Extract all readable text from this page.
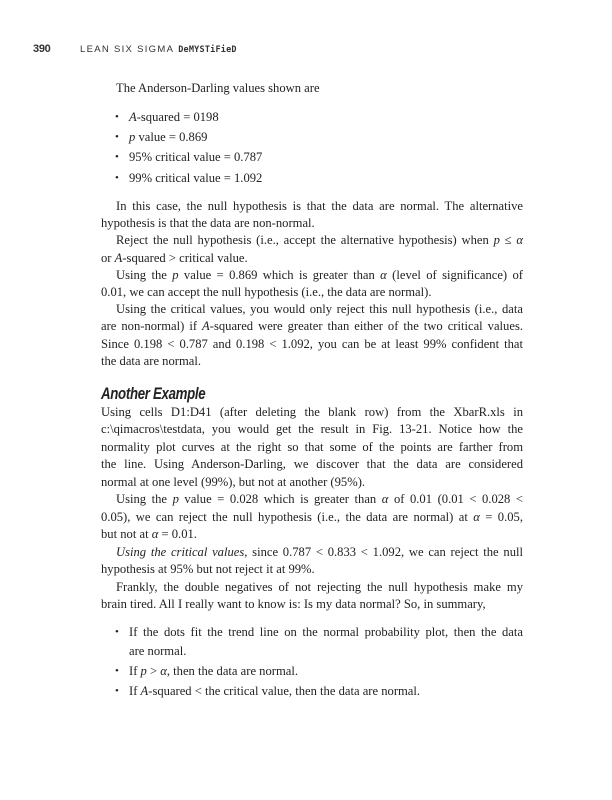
390	LEAN SIX SIGMA DeMYSTiFieD
The Anderson-Darling values shown are
• A-squared = 0198
• p value = 0.869
• 95% critical value = 0.787
• 99% critical value = 1.092
In this case, the null hypothesis is that the data are normal. The alternative
hypothesis is that the data are non-normal.
Reject the null hypothesis (i.e., accept the alternative hypothesis) when p ≤ α
or A-squared > critical value.
Using the p value = 0.869 which is greater than α (level of significance) of
0.01, we can accept the null hypothesis (i.e., the data are normal).
Using the critical values, you would only reject this null hypothesis (i.e., data
are non-normal) if A-squared were greater than either of the two critical values.
Since 0.198 < 0.787 and 0.198 < 1.092, you can be at least 99% confident that
the data are normal.
Another Example
Using cells D1:D41 (after deleting the blank row) from the XbarR.xls in
c:\qimacros\testdata, you would get the result in Fig. 13-21. Notice how the
normality plot curves at the right so that some of the points are farther from
the line. Using Anderson-Darling, we discover that the data are considered
normal at one level (99%), but not at another (95%).
Using the p value = 0.028 which is greater than α of 0.01 (0.01 < 0.028 <
0.05), we can reject the null hypothesis (i.e., the data are normal) at α = 0.05,
but not at α = 0.01.
Using the critical values, since 0.787 < 0.833 < 1.092, we can reject the null
hypothesis at 95% but not reject it at 99%.
Frankly, the double negatives of not rejecting the null hypothesis make my
brain tired. All I really want to know is: Is my data normal? So, in summary,
• If the dots fit the trend line on the normal probability plot, then the data
are normal.
• If p > α, then the data are normal.
• If A-squared < the critical value, then the data are normal.
